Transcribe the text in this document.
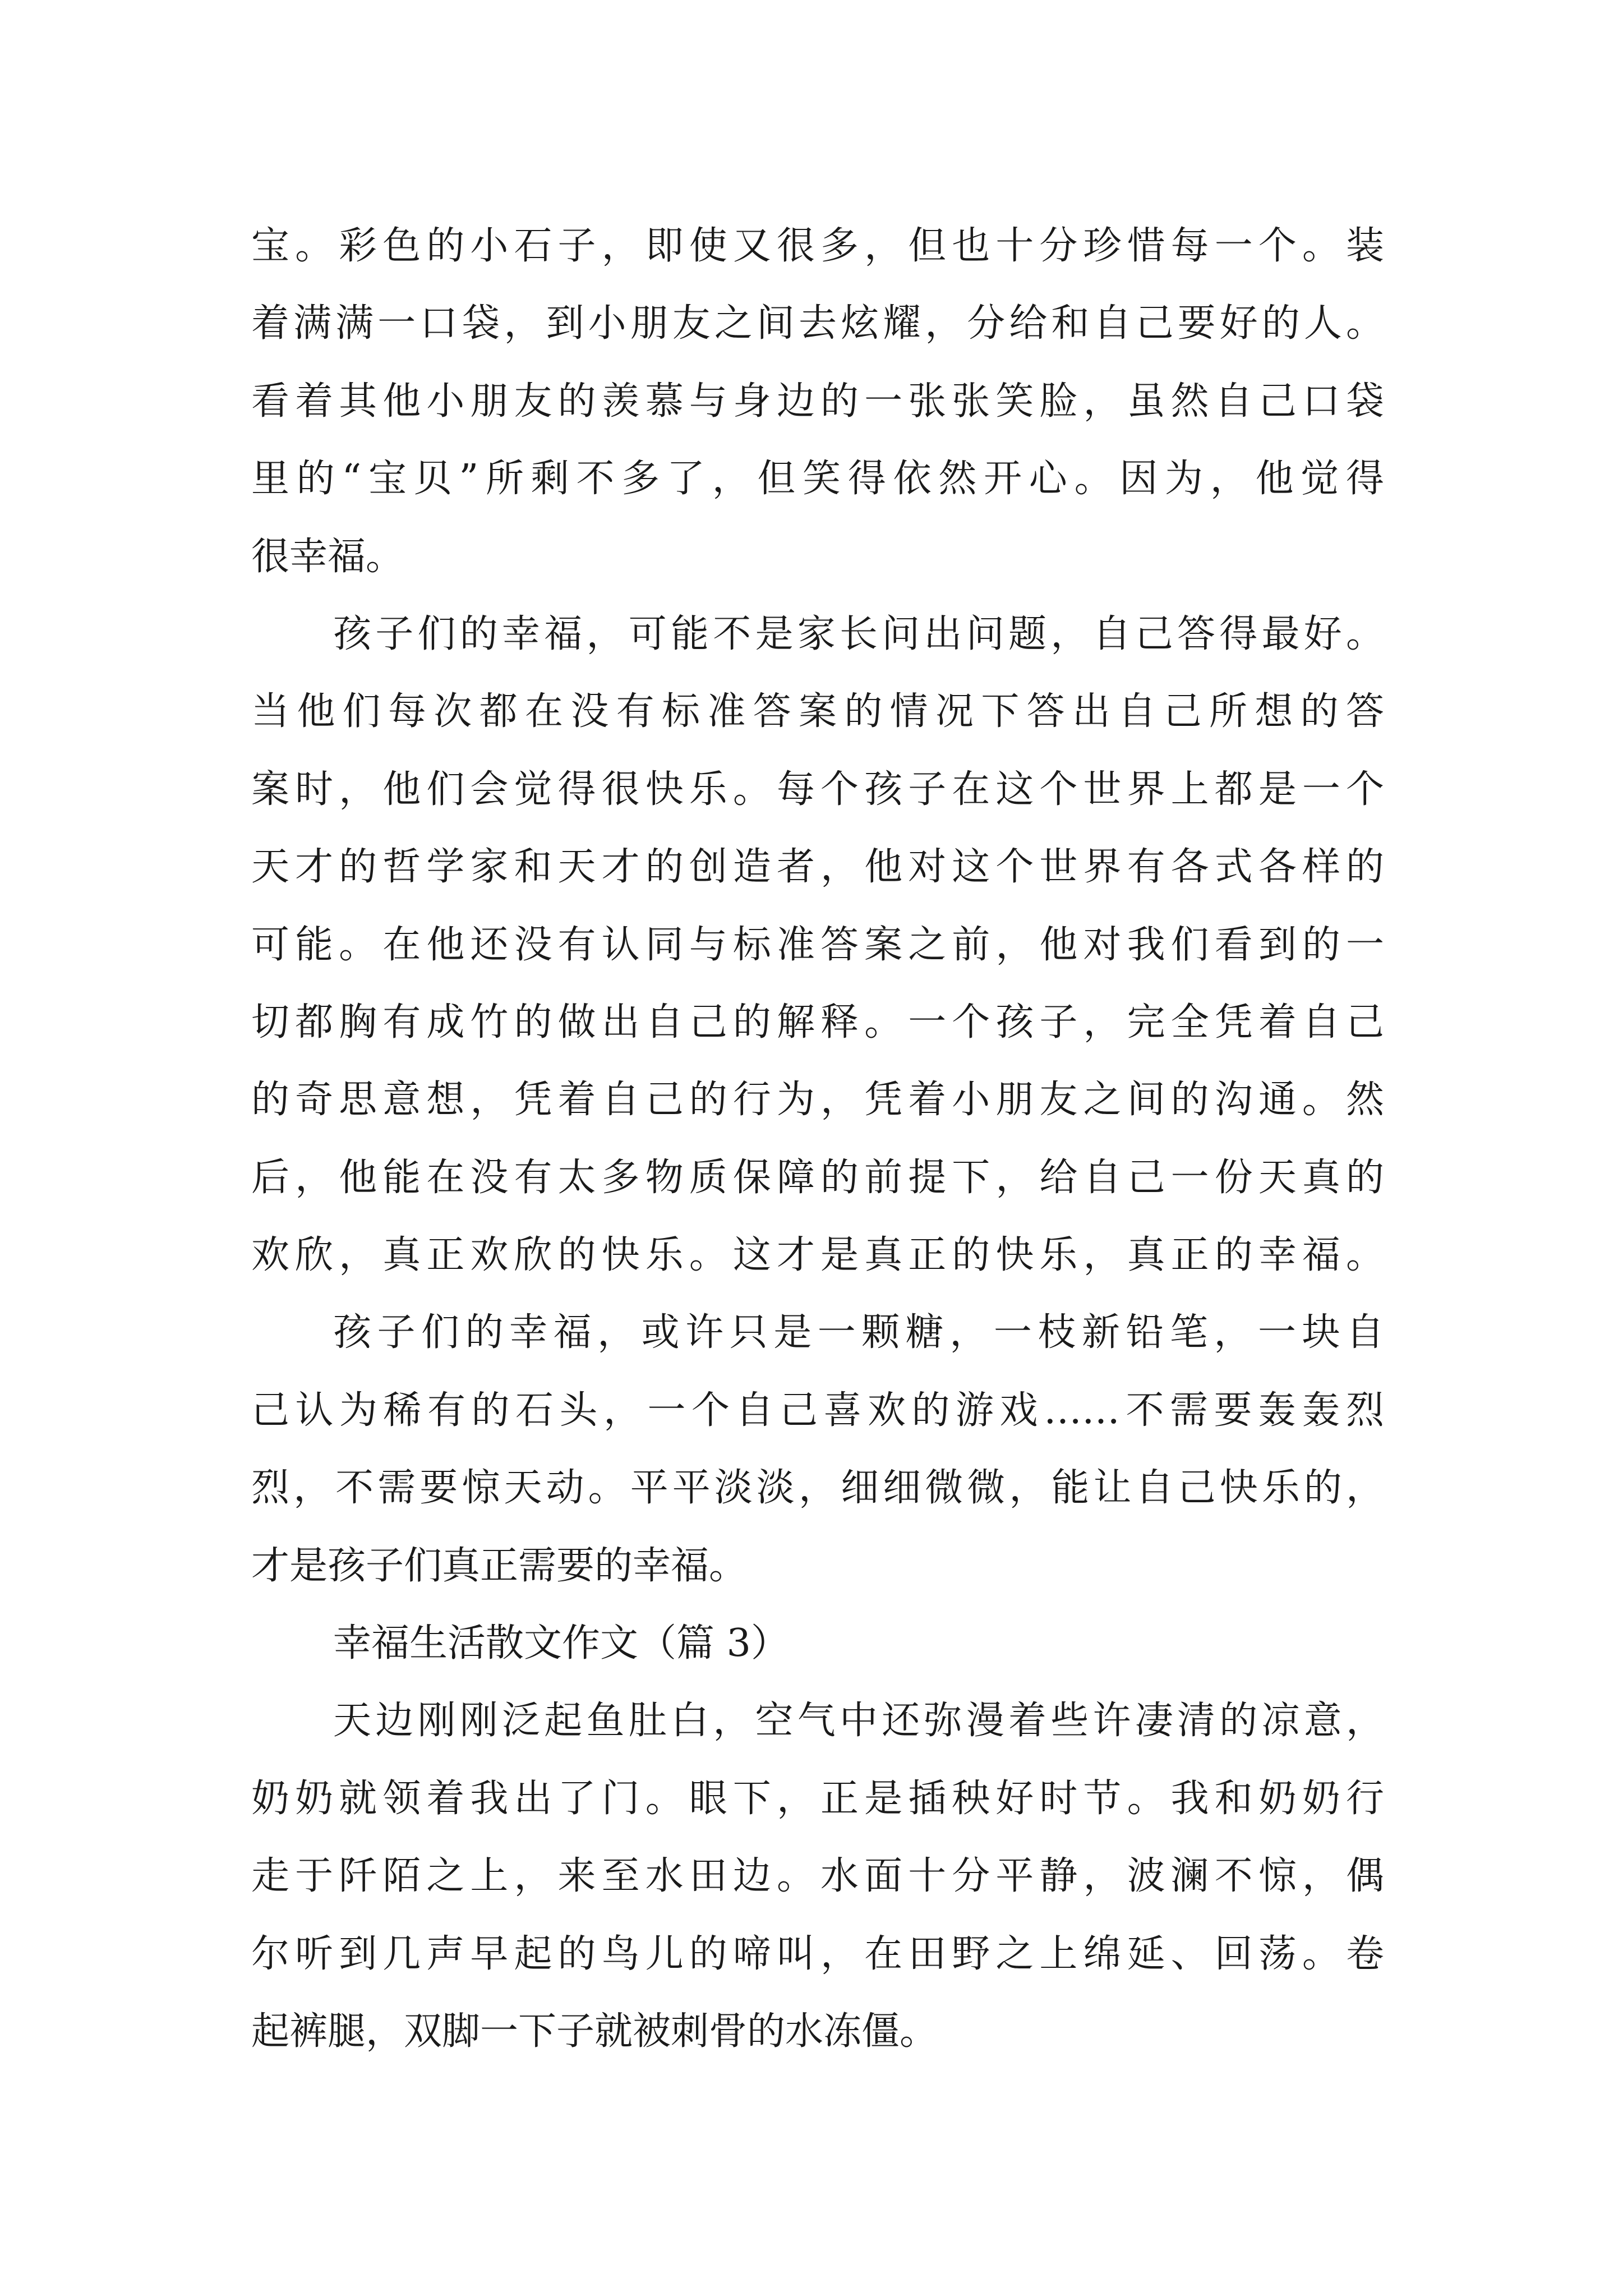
宝。彩色的小石子，即使又很多，但也十分珍惜每一个。装
着满满一口袋，到小朋友之间去炫耀，分给和自己要好的人。
看着其他小朋友的羡慕与身边的一张张笑脸，虽然自己口袋
里的“宝贝”所剩不多了，但笑得依然开心。因为，他觉得
很幸福。
孩子们的幸福，可能不是家长问出问题，自己答得最好。
当他们每次都在没有标准答案的情况下答出自己所想的答
案时，他们会觉得很快乐。每个孩子在这个世界上都是一个
天才的哲学家和天才的创造者，他对这个世界有各式各样的
可能。在他还没有认同与标准答案之前，他对我们看到的一
切都胸有成竹的做出自己的解释。一个孩子，完全凭着自己
的奇思意想，凭着自己的行为，凭着小朋友之间的沟通。然
后，他能在没有太多物质保障的前提下，给自己一份天真的
欢欣，真正欢欣的快乐。这才是真正的快乐，真正的幸福。
孩子们的幸福，或许只是一颗糖，一枝新铅笔，一块自
己认为稀有的石头，一个自己喜欢的游戏……不需要轰轰烈
烈，不需要惊天动。平平淡淡，细细微微，能让自己快乐的，
才是孩子们真正需要的幸福。
幸福生活散文作文（篇 3）
天边刚刚泛起鱼肚白，空气中还弥漫着些许凄清的凉意，
奶奶就领着我出了门。眼下，正是插秧好时节。我和奶奶行
走于阡陌之上，来至水田边。水面十分平静，波澜不惊，偶
尔听到几声早起的鸟儿的啼叫，在田野之上绵延、回荡。卷
起裤腿，双脚一下子就被刺骨的水冻僵。
